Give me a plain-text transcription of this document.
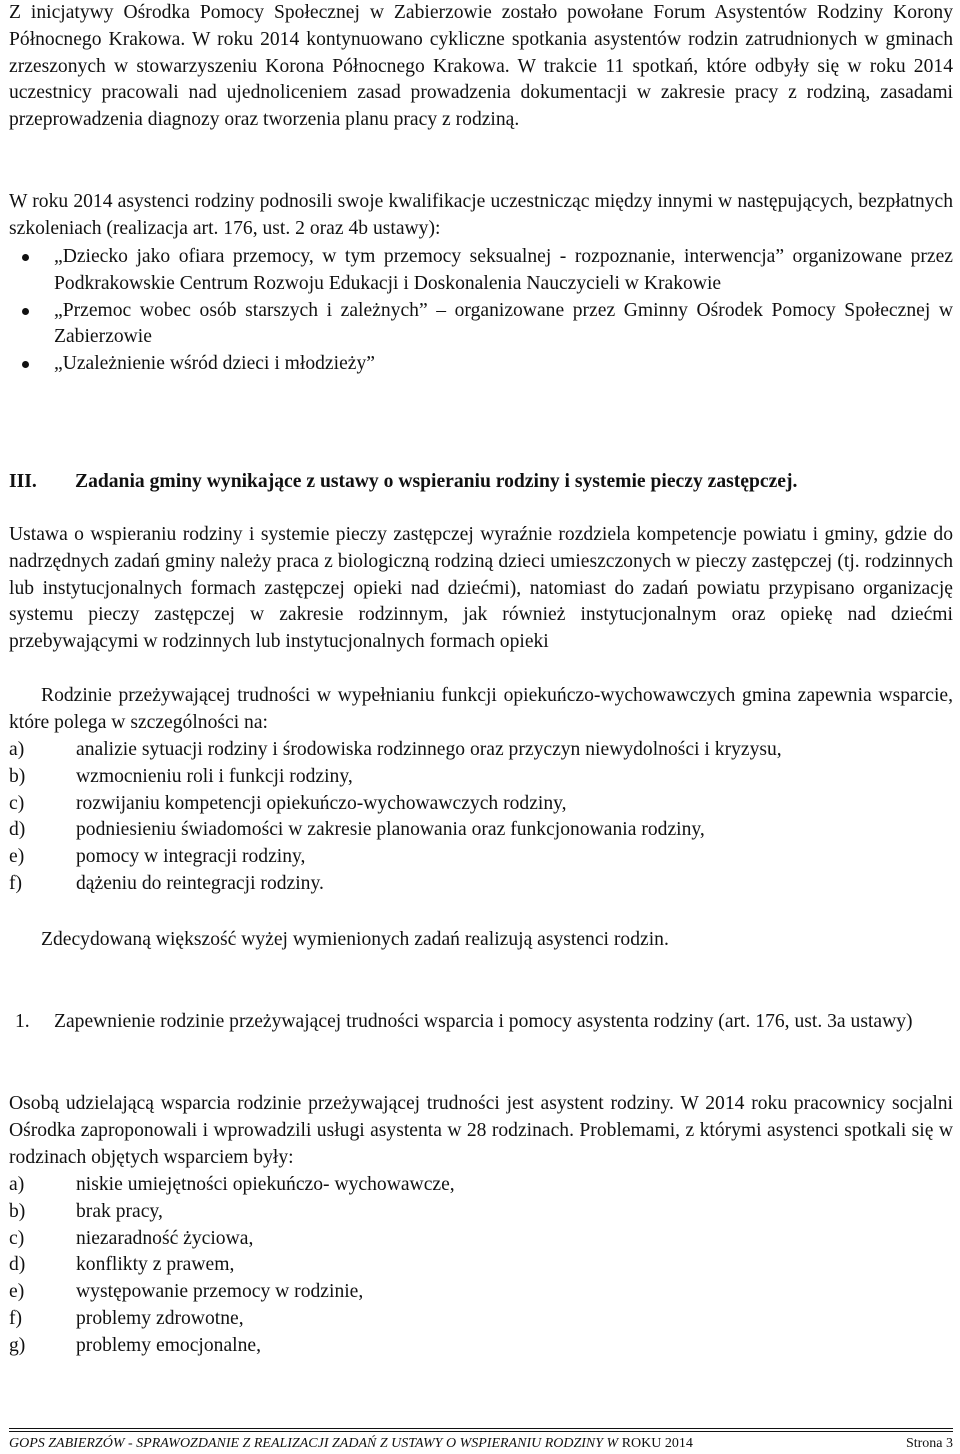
Z inicjatywy Ośrodka Pomocy Społecznej w Zabierzowie zostało powołane Forum Asystentów Rodziny Korony Północnego Krakowa. W roku 2014 kontynuowano cykliczne spotkania asystentów rodzin zatrudnionych w gminach zrzeszonych w stowarzyszeniu Korona Północnego Krakowa. W trakcie 11 spotkań, które odbyły się w roku 2014 uczestnicy pracowali nad ujednoliceniem zasad prowadzenia dokumentacji w zakresie pracy z rodziną, zasadami przeprowadzenia diagnozy oraz tworzenia planu pracy z rodziną.

W roku 2014 asystenci rodziny podnosili swoje kwalifikacje uczestnicząc między innymi w następujących, bezpłatnych szkoleniach (realizacja art. 176, ust. 2 oraz 4b ustawy):

„Dziecko jako ofiara przemocy, w tym przemocy seksualnej - rozpoznanie, interwencja” organizowane przez Podkrakowskie Centrum Rozwoju Edukacji i Doskonalenia Nauczycieli w Krakowie
„Przemoc wobec osób starszych i zależnych” – organizowane przez Gminny Ośrodek Pomocy Społecznej w Zabierzowie
„Uzależnienie wśród dzieci i młodzieży”
III.	Zadania gminy wynikające z ustawy o wspieraniu rodziny i systemie pieczy zastępczej.

Ustawa o wspieraniu rodziny i systemie pieczy zastępczej wyraźnie rozdziela kompetencje powiatu i gminy, gdzie do nadrzędnych zadań gminy należy praca z biologiczną rodziną dzieci umieszczonych w pieczy zastępczej (tj. rodzinnych lub instytucjonalnych formach zastępczej opieki nad dziećmi), natomiast do zadań powiatu przypisano organizację systemu pieczy zastępczej w zakresie rodzinnym, jak również instytucjonalnym oraz opiekę nad dziećmi przebywającymi w rodzinnych lub instytucjonalnych formach opieki

Rodzinie przeżywającej trudności w wypełnianiu funkcji opiekuńczo-wychowawczych gmina zapewnia wsparcie, które polega w szczególności na:

a)	analizie sytuacji rodziny i środowiska rodzinnego oraz przyczyn niewydolności i kryzysu,
b)	wzmocnieniu roli i funkcji rodziny,
c)	rozwijaniu kompetencji opiekuńczo-wychowawczych rodziny,
d)	podniesieniu świadomości w zakresie planowania oraz funkcjonowania rodziny,
e)	pomocy w integracji rodziny,
f)	dążeniu do reintegracji rodziny.

Zdecydowaną większość wyżej wymienionych zadań realizują asystenci rodzin.

1.	Zapewnienie rodzinie przeżywającej trudności wsparcia i pomocy asystenta rodziny (art. 176, ust. 3a ustawy)

Osobą udzielającą wsparcia rodzinie przeżywającej trudności jest asystent rodziny. W 2014 roku pracownicy socjalni Ośrodka zaproponowali i wprowadzili usługi asystenta w 28 rodzinach. Problemami, z którymi asystenci spotkali się w rodzinach objętych wsparciem były:

a)	niskie umiejętności opiekuńczo- wychowawcze,
b)	brak pracy,
c)	niezaradność życiowa,
d)	konflikty z prawem,
e)	występowanie przemocy w rodzinie,
f)	problemy zdrowotne,
g)	problemy emocjonalne,
GOPS ZABIERZÓW - SPRAWOZDANIE Z REALIZACJI ZADAŃ Z USTAWY O WSPIERANIU RODZINY W ROKU 2014	Strona 3
